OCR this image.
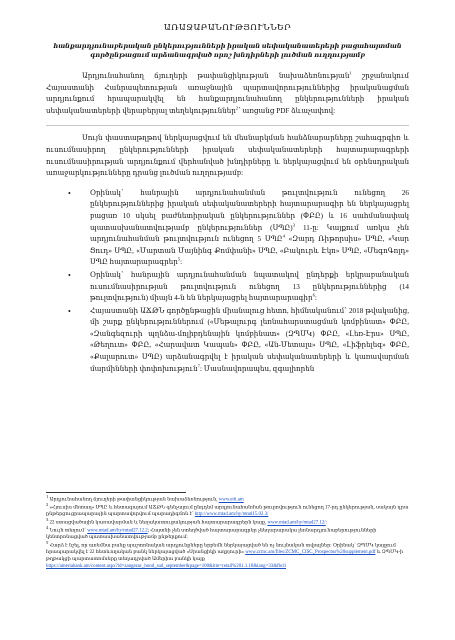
ԱՌԱՋԱԲԱՆՈՒԹՅՈՒՆՆԵՐ
հանքարդյունաբերական ընկերությունների իրական սեփականատերերի բացահայտման գործընթացում արձանագրված որոշ խնդիրների լուծման ուղղությամբ

Արդյունահանող ճյուղերի թափանցիկության նախաձեռնության$^1$ շրջանակում Հայաստանի Հանրապետության առաջնային պարտավորություններից իրականացման արդյունքում հրապարակվել են հանքարդյունահանող ընկերությունների իրական սեփականատերերի վերաբերյալ տեղեկություններ$^2$՝ առցանց PDF ձևաչափով:

Սույն փաստաթղթով ներկայացվում են մեսնարկման հանձնարարները շահագրգիռ և ուսումնասիրող ընկերությունների իրական սեփականատերերի հայտարարագրերի ուսումնասիրության արդյունքում վերհանված խնդիրները և ներկայացվում են օրենսդրական առաջարկությունները դրանց լուծման ուղղությամբ:

•	Օրինակ՝ հանրային արդյունահանման թուլտվություն ունեցող 26 ընկերություններից իրական սեփականատերերի հայտարարագիր են ներկայացրել բացառ 10 սկսել բաժնետիրական ընկերություններ (ՓԲԸ) և 16 սահմանափակ պատասխանատվությամբ ընկերություններ (ՍՊԸ)$^3$ 11-ը: Կայքում առկա չեն արդյունահանման թուլտվություն ունեցող 5 ՍՊԸ$^4$ «Զարդ Ռիթորսիս» ՍՊԸ, «Կար Ցուդ» ՍՊԸ, «Մարտան Մայնինգ Քոմփանի» ՍՊԸ, «Բակուրև Էկո» ՍՊԸ, «ՄեգոԳոլդ» ՍՊԸ հայտարարագրեր$^5$:
•	Օրինակ՝ հանրային արդյունահանման նպատակով ընդերքի երկրաբանական ուսումնասիրության թուլտվություն ունեցող 13 ընկերություններից (14 թուլտվություն) միայն 4-ն են ներկայացրել հայտարարագիր$^6$:
•	Հայաստանի ԱՃԹՆ գործընթացին միանալուց հետո, հիմնականում՝ 2018 թվականից, մի շարք ընկերություններում («Մեթալուրգ լեռնահարստացման կոմբինատ» ՓԲԸ, «Զանգեզուրի պղնձա-մոլիբդենային կոմբինատ» (ԶՊՄԿ) ՓԲԸ, «Լեռ-Էրս» ՍՊԸ, «Թեղուտ» ՓԲԸ, «Հարավատ Կապան» ՓԲԸ, «Ան-Մետալս» ՍՊԸ, «Լիֆրելեգ» ՓԲԸ, «Քալարուտ» ՍՊԸ) արձանագրվել է իրական սեփականատերերի և կառավարման մարմինների փոփոխություն$^7$: Մասնավորապես, զգալիորեն
$^1$ Արդյունահանող ճյուղերի թափանցիկության նախաձեռնություն, www.eiti.am
$^2$ «Հյուսիս մետաղ» ՍՊԸ և հետագայում ԱՃԹՆ գենչալում ընդդեմ արդյունահանման թուլտվություն ունեցող 17-րդ ընկերության, սակայն դրա ընթերցուցրապարային պարտավորվում պարադիգմոն է` http://www.mtad.am/hy/mtad15.02.3/
$^3$ 22 ստացվածային կառավարման և նեղակատուցակության հայտարարագրերն կայք, www.mtad.am/hy/mtad27.12/:
$^4$ Նույն տեղում՝ www.mtad.am/hy/mtad27.12.2; Հայտնի չեն ստեղծված հայտարարագրեր չնեղարարակա լեռնարդյունաբերությունների կենտրոնացված պատասխանատվությամբ ընթերքում:
$^5$ Հարձ է նշել, որ առեմնա բանք պաշտոնական արդյունքները երբեմն ներկայացված են ոչ նույնական տվյալներ: Օրինակ՝ ԶՊՄԿ կայքում հրապարակվել է 22 հետևողական բանկ ներկայացված «Սրանցիկի աղբյուրի» www.zcmc.am/files/ZCMC_CISC_Prospectus%20supplement.pdf և ԶՊՄԿ-ի թղթակցի պարտատոմսերը տեղադրված Ամերիա բանկի կայք
https://ameriabank.am/content.aspx?id=zangezur_bond_sud_september&page=100&itm=retail%201.1.18&lang=33&fbcli
